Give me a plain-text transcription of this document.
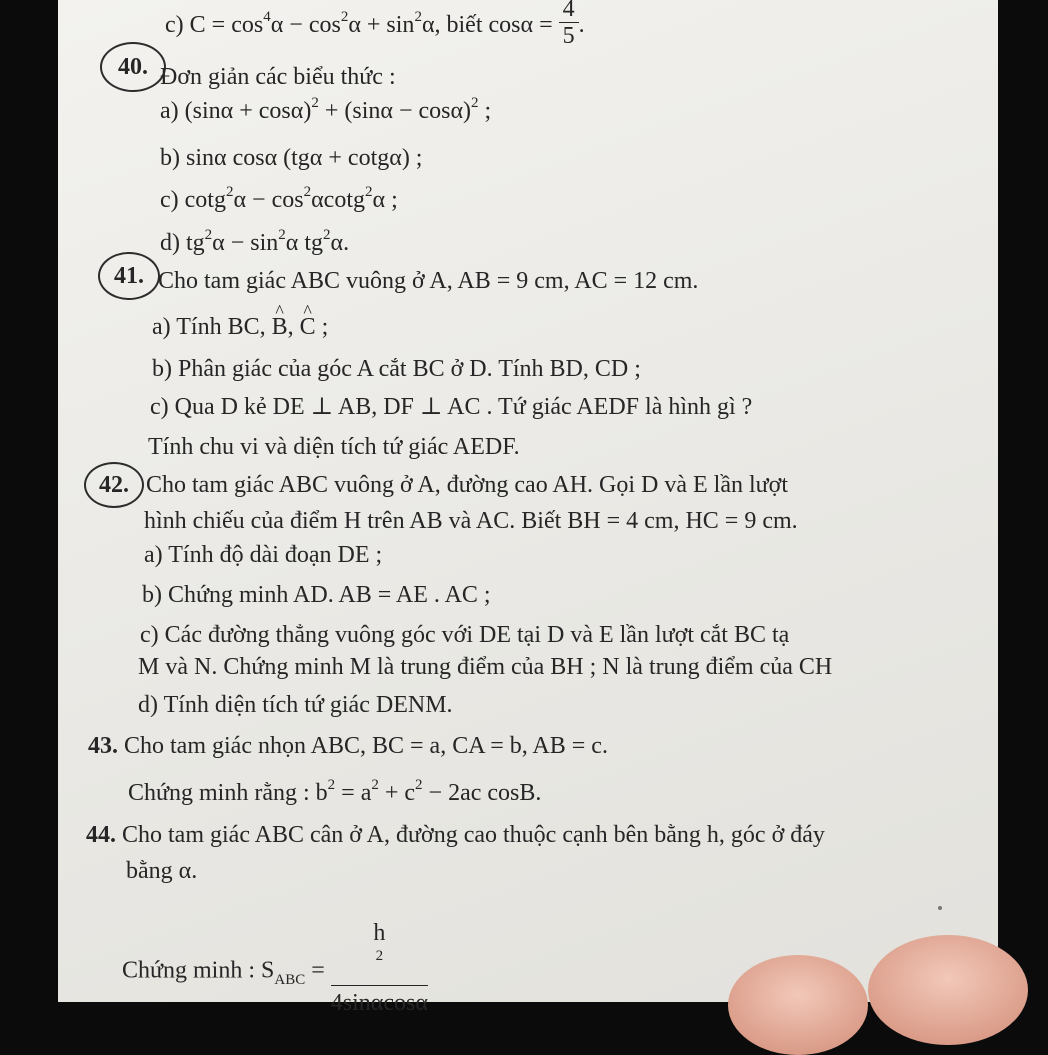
c) $C = \cos^4\alpha - \cos^2\alpha + \sin^2\alpha$, biết $\cos\alpha = \frac{4}{5}$ .
40. Đơn giản các biểu thức :
a) $(\sin\alpha + \cos\alpha)^2 + (\sin\alpha - \cos\alpha)^2$ ;
b) sinα cosα (tgα + cotgα) ;
c) $\cot g^2\alpha - \cos^2\alpha\cot g^2\alpha$ ;
d) $tg^2\alpha - \sin^2\alpha$ $tg^2\alpha$.
41. Cho tam giác ABC vuông ở A, AB = 9 cm, AC = 12 cm.
a) Tính BC, ^ B, ^ C ;
b) Phân giác của góc A cắt BC ở D. Tính BD, CD ;
c) Qua D kẻ DE ⊥ AB, DF ⊥ AC . Tứ giác AEDF là hình gì ?
Tính chu vi và diện tích tứ giác AEDF.
42. Cho tam giác ABC vuông ở A, đường cao AH. Gọi D và E lần lượt
hình chiếu của điểm H trên AB và AC. Biết BH = 4 cm, HC = 9 cm.
a) Tính độ dài đoạn DE ;
b) Chứng minh AD. AB = AE . AC ;
c) Các đường thẳng vuông góc với DE tại D và E lần lượt cắt BC tạ
M và N. Chứng minh M là trung điểm của BH ; N là trung điểm của CH
d) Tính diện tích tứ giác DENM.
43. Cho tam giác nhọn ABC, BC = a, CA = b, AB = c.
Chứng minh rằng : $b^2 = a^2 + c^2 - 2ac$ cosB.
44. Cho tam giác ABC cân ở A, đường cao thuộc cạnh bên bằng h, góc ở đáy
bằng α.
Chứng minh : $S_{ABC} = h$
$^2$
4sinαcosα
